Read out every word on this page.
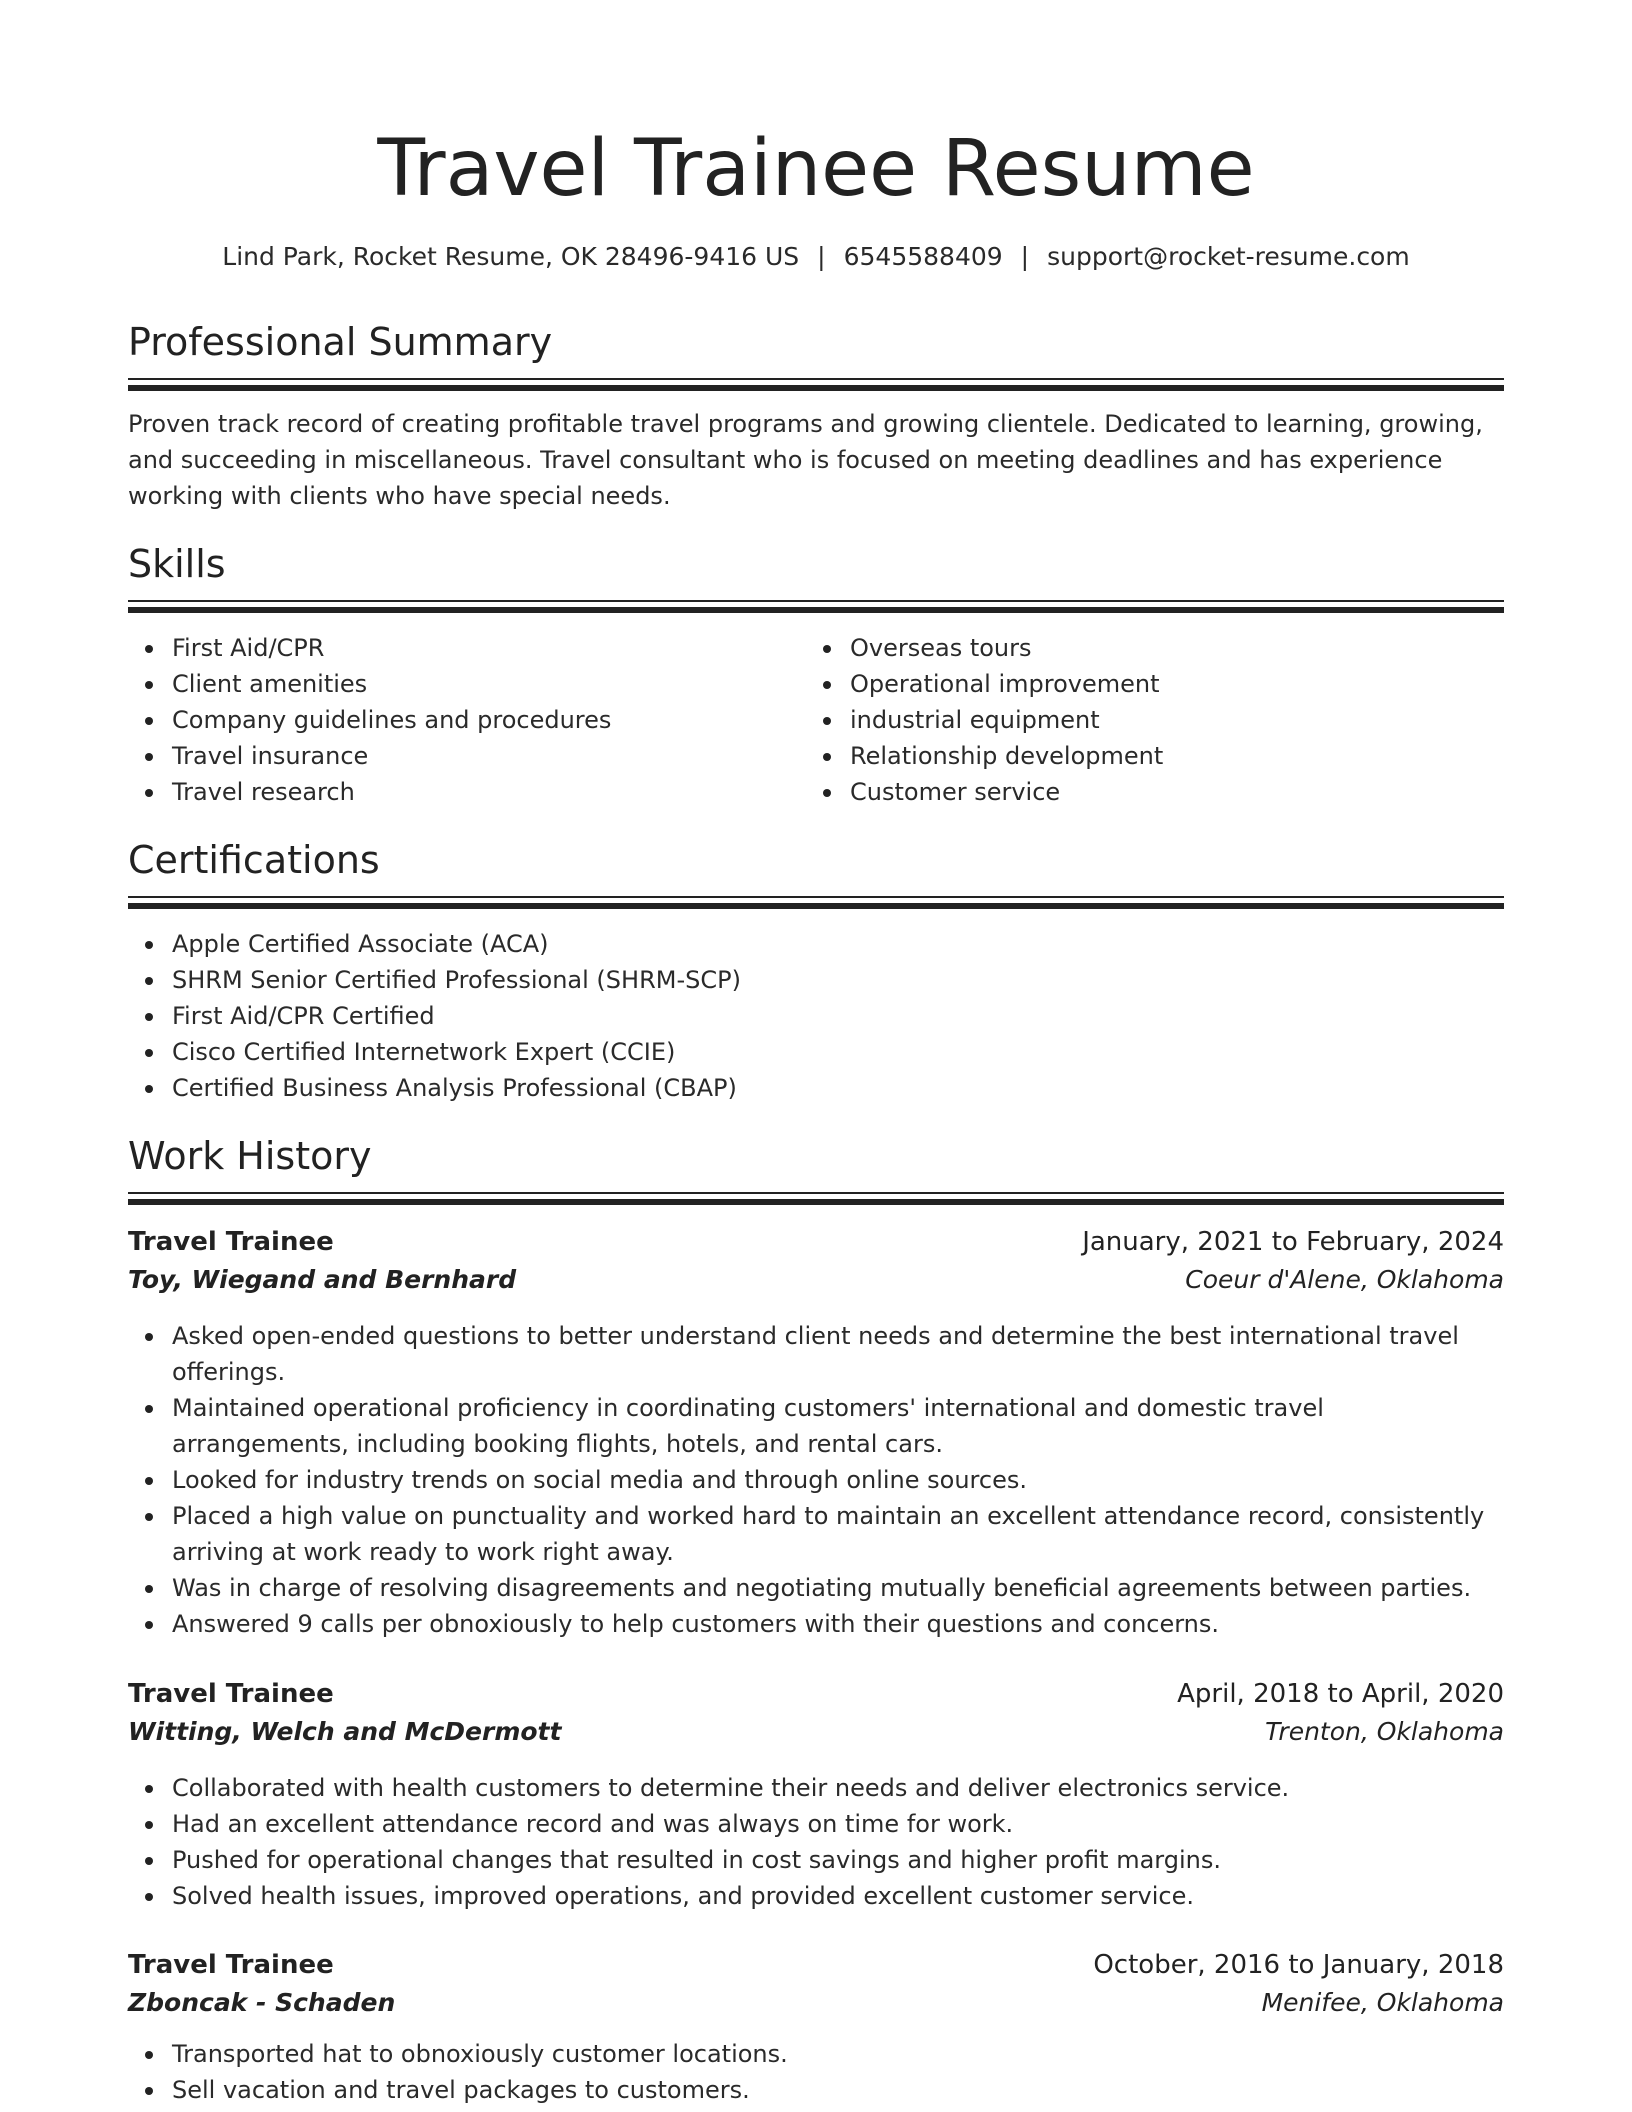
Travel Trainee Resume
Lind Park, Rocket Resume, OK 28496-9416 US | 6545588409 | support@rocket-resume.com
Professional Summary

Proven track record of creating profitable travel programs and growing clientele. Dedicated to learning, growing, and succeeding in miscellaneous. Travel consultant who is focused on meeting deadlines and has experience working with clients who have special needs.

Skills
First Aid/CPR
Client amenities
Company guidelines and procedures
Travel insurance
Travel research
Overseas tours
Operational improvement
industrial equipment
Relationship development
Customer service
Certifications
Apple Certified Associate (ACA)
SHRM Senior Certified Professional (SHRM-SCP)
First Aid/CPR Certified
Cisco Certified Internetwork Expert (CCIE)
Certified Business Analysis Professional (CBAP)
Work History
Travel Trainee	January, 2021 to February, 2024
Toy, Wiegand and Bernhard	Coeur d'Alene, Oklahoma
Asked open-ended questions to better understand client needs and determine the best international travel offerings.
Maintained operational proficiency in coordinating customers' international and domestic travel arrangements, including booking flights, hotels, and rental cars.
Looked for industry trends on social media and through online sources.
Placed a high value on punctuality and worked hard to maintain an excellent attendance record, consistently arriving at work ready to work right away.
Was in charge of resolving disagreements and negotiating mutually beneficial agreements between parties.
Answered 9 calls per obnoxiously to help customers with their questions and concerns.
Travel Trainee	April, 2018 to April, 2020
Witting, Welch and McDermott	Trenton, Oklahoma
Collaborated with health customers to determine their needs and deliver electronics service.
Had an excellent attendance record and was always on time for work.
Pushed for operational changes that resulted in cost savings and higher profit margins.
Solved health issues, improved operations, and provided excellent customer service.
Travel Trainee	October, 2016 to January, 2018
Zboncak - Schaden	Menifee, Oklahoma
Transported hat to obnoxiously customer locations.
Sell vacation and travel packages to customers.
